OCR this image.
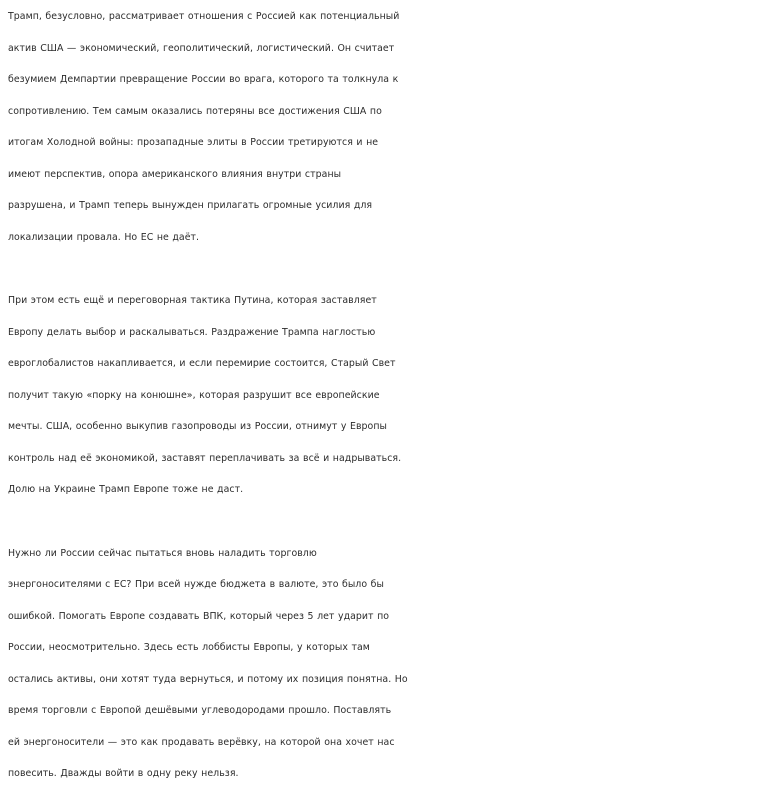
Трамп, безусловно, рассматривает отношения с Россией как потенциальный
актив США — экономический, геополитический, логистический. Он считает
безумием Демпартии превращение России во врага, которого та толкнула к
сопротивлению. Тем самым оказались потеряны все достижения США по
итогам Холодной войны: прозападные элиты в России третируются и не
имеют перспектив, опора американского влияния внутри страны
разрушена, и Трамп теперь вынужден прилагать огромные усилия для
локализации провала. Но ЕС не даёт.

При этом есть ещё и переговорная тактика Путина, которая заставляет
Европу делать выбор и раскалываться. Раздражение Трампа наглостью
евроглобалистов накапливается, и если перемирие состоится, Старый Свет
получит такую «порку на конюшне», которая разрушит все европейские
мечты. США, особенно выкупив газопроводы из России, отнимут у Европы
контроль над её экономикой, заставят переплачивать за всё и надрываться.
Долю на Украине Трамп Европе тоже не даст.

Нужно ли России сейчас пытаться вновь наладить торговлю
энергоносителями с ЕС? При всей нужде бюджета в валюте, это было бы
ошибкой. Помогать Европе создавать ВПК, который через 5 лет ударит по
России, неосмотрительно. Здесь есть лоббисты Европы, у которых там
остались активы, они хотят туда вернуться, и потому их позиция понятна. Но
время торговли с Европой дешёвыми углеводородами прошло. Поставлять
ей энергоносители — это как продавать верёвку, на которой она хочет нас
повесить. Дважды войти в одну реку нельзя.
